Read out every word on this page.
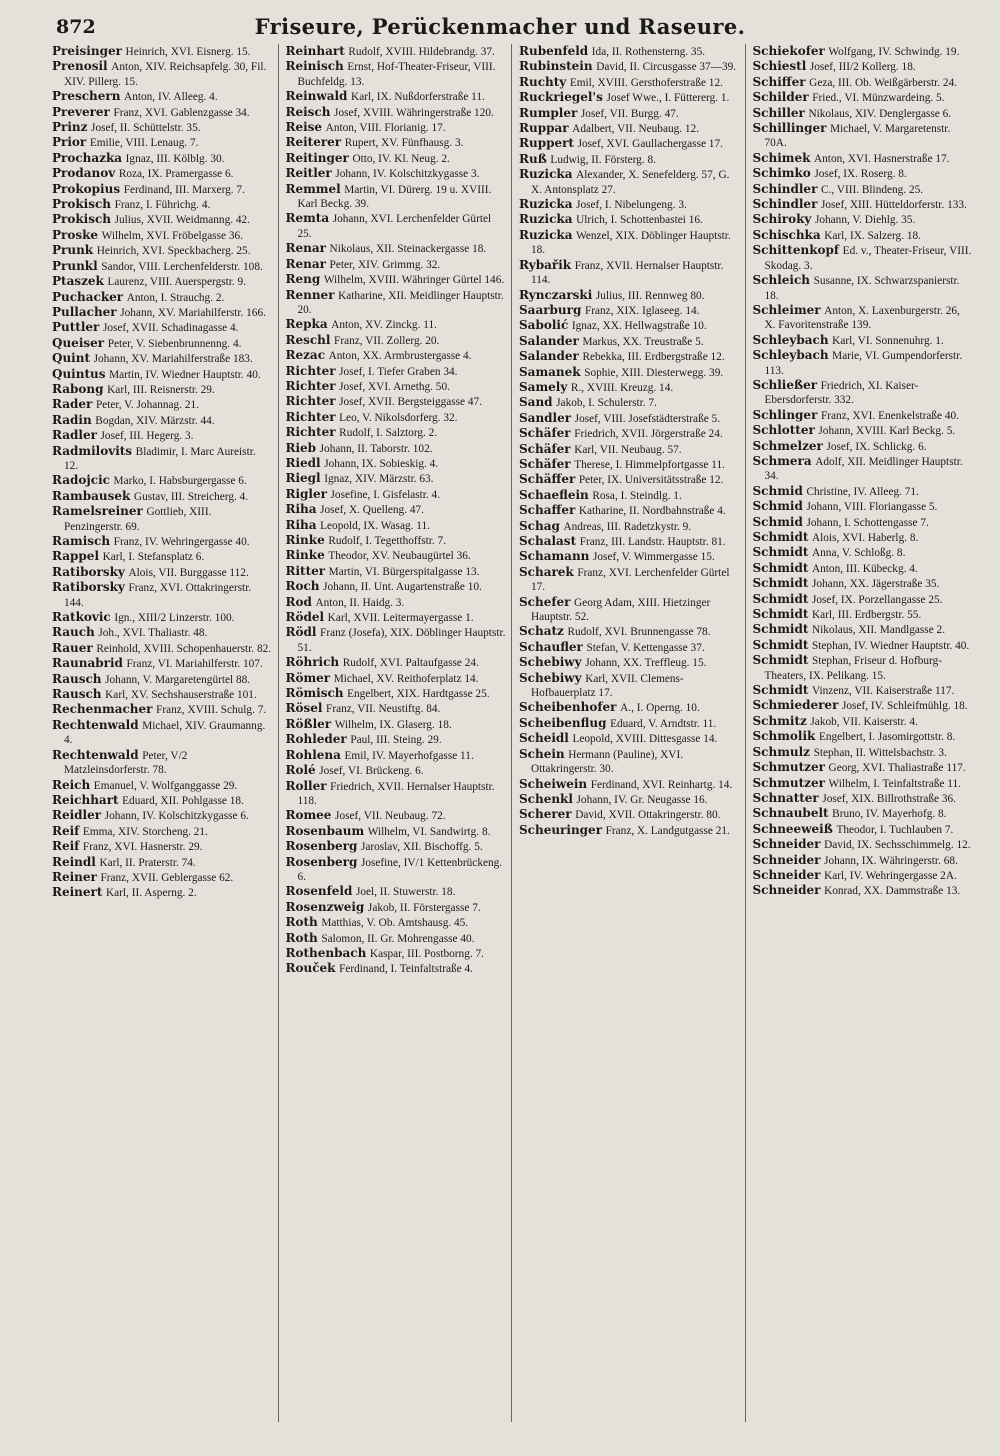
872	Friseure, Perückenmacher und Raseure.
Preisinger Heinrich, XVI. Eisnerg. 15.
Prenosil Anton, XIV. Reichsapfelg. 30, Fil. XIV. Pillerg. 15.
Preschern Anton, IV. Alleeg. 4.
Preverer Franz, XVI. Gablenzgasse 34.
Prinz Josef, II. Schüttelstr. 35.
Prior Emilie, VIII. Lenaug. 7.
Prochazka Ignaz, III. Kölblg. 30.
Prodanov Roza, IX. Pramergasse 6.
Prokopius Ferdinand, III. Marxerg. 7.
Prokisch Franz, I. Führichg. 4.
Prokisch Julius, XVII. Weidmanng. 42.
Proske Wilhelm, XVI. Fröbelgasse 36.
Prunk Heinrich, XVI. Speckbacherg. 25.
Prunkl Sandor, VIII. Lerchenfelderstr. 108.
Ptaszek Laurenz, VIII. Auerspergstr. 9.
Puchacker Anton, I. Strauchg. 2.
Pullacher Johann, XV. Mariahilferstr. 166.
Puttler Josef, XVII. Schadinagasse 4.
Queiser Peter, V. Siebenbrunnenng. 4.
Quint Johann, XV. Mariahilferstraße 183.
Quintus Martin, IV. Wiedner Hauptstr. 40.
Rabong Karl, III. Reisnerstr. 29.
Rader Peter, V. Johannag. 21.
Radin Bogdan, XIV. Märzstr. 44.
Radler Josef, III. Hegerg. 3.
Radmilovits Bladimir, I. Marc Aureistr. 12.
Radojcic Marko, I. Habsburgergasse 6.
Rambausek Gustav, III. Streicherg. 4.
Ramelsreiner Gottlieb, XIII. Penzingerstr. 69.
Ramisch Franz, IV. Wehringergasse 40.
Rappel Karl, I. Stefansplatz 6.
Ratiborsky Alois, VII. Burggasse 112.
Ratiborsky Franz, XVI. Ottakringerstr. 144.
Ratkovic Ign., XIII/2 Linzerstr. 100.
Rauch Joh., XVI. Thaliastr. 48.
Rauer Reinhold, XVIII. Schopenhauerstr. 82.
Raunabrid Franz, VI. Mariahilferstr. 107.
Rausch Johann, V. Margaretengürtel 88.
Rausch Karl, XV. Sechshauserstraße 101.
Rechenmacher Franz, XVIII. Schulg. 7.
Rechtenwald Michael, XIV. Graumanng. 4.
Rechtenwald Peter, V/2 Matzleinsdorferstr. 78.
Reich Emanuel, V. Wolfganggasse 29.
Reichhart Eduard, XII. Pohlgasse 18.
Reidler Johann, IV. Kolschitzkygasse 6.
Reif Emma, XIV. Storcheng. 21.
Reif Franz, XVI. Hasnerstr. 29.
Reindl Karl, II. Praterstr. 74.
Reiner Franz, XVII. Geblergasse 62.
Reinert Karl, II. Asperng. 2.
Reinhart Rudolf, XVIII. Hildebrandg. 37.
Reinisch Ernst, Hof-Theater-Friseur, VIII. Buchfeldg. 13.
Reinwald Karl, IX. Nußdorferstraße 11.
Reisch Josef, XVIII. Währingerstraße 120.
Reise Anton, VIII. Florianig. 17.
Reiterer Rupert, XV. Fünfhausg. 3.
Reitinger Otto, IV. Kl. Neug. 2.
Reitler Johann, IV. Kolschitzkygasse 3.
Remmel Martin, VI. Dürerg. 19 u. XVIII. Karl Beckg. 39.
Remta Johann, XVI. Lerchenfelder Gürtel 25.
Renar Nikolaus, XII. Steinackergasse 18.
Renar Peter, XIV. Grimmg. 32.
Reng Wilhelm, XVIII. Währinger Gürtel 146.
Renner Katharine, XII. Meidlinger Hauptstr. 20.
Repka Anton, XV. Zinckg. 11.
Reschl Franz, VII. Zollerg. 20.
Rezac Anton, XX. Armbrustergasse 4.
Richter Josef, I. Tiefer Graben 34.
Richter Josef, XVI. Arnethg. 50.
Richter Josef, XVII. Bergsteiggasse 47.
Richter Leo, V. Nikolsdorferg. 32.
Richter Rudolf, I. Salztorg. 2.
Rieb Johann, II. Taborstr. 102.
Riedl Johann, IX. Sobieskig. 4.
Riegl Ignaz, XIV. Märzstr. 63.
Rigler Josefine, I. Gisfelastr. 4.
Riha Josef, X. Quelleng. 47.
Riha Leopold, IX. Wasag. 11.
Rinke Rudolf, I. Tegetthoffstr. 7.
Rinke Theodor, XV. Neubaugürtel 36.
Ritter Martin, VI. Bürgerspitalgasse 13.
Roch Johann, II. Unt. Augartenstraße 10.
Rod Anton, II. Haidg. 3.
Rödel Karl, XVII. Leitermayergasse 1.
Rödl Franz (Josefa), XIX. Döblinger Hauptstr. 51.
Röhrich Rudolf, XVI. Paltaufgasse 24.
Römer Michael, XV. Reithoferplatz 14.
Römisch Engelbert, XIX. Hardtgasse 25.
Rösel Franz, VII. Neustiftg. 84.
Rößler Wilhelm, IX. Glaserg. 18.
Rohleder Paul, III. Steing. 29.
Rohlena Emil, IV. Mayerhofgasse 11.
Rolé Josef, VI. Brückeng. 6.
Roller Friedrich, XVII. Hernalser Hauptstr. 118.
Romee Josef, VII. Neubaug. 72.
Rosenbaum Wilhelm, VI. Sandwirtg. 8.
Rosenberg Jaroslav, XII. Bischoffg. 5.
Rosenberg Josefine, IV/1 Kettenbrückeng. 6.
Rosenfeld Joel, II. Stuwerstr. 18.
Rosenzweig Jakob, II. Förstergasse 7.
Roth Matthias, V. Ob. Amtshausg. 45.
Roth Salomon, II. Gr. Mohrengasse 40.
Rothenbach Kaspar, III. Postborng. 7.
Rouček Ferdinand, I. Teinfaltstraße 4.
Rubenfeld Ida, II. Rothensterng. 35.
Rubinstein David, II. Circusgasse 37—39.
Ruchty Emil, XVIII. Gersthoferstraße 12.
Ruckriegel's Josef Wwe., I. Füttererg. 1.
Rumpler Josef, VII. Burgg. 47.
Ruppar Adalbert, VII. Neubaug. 12.
Ruppert Josef, XVI. Gaullachergasse 17.
Ruß Ludwig, II. Försterg. 8.
Ruzicka Alexander, X. Senefelderg. 57, G. X. Antonsplatz 27.
Ruzicka Josef, I. Nibelungeng. 3.
Ruzicka Ulrich, I. Schottenbastei 16.
Ruzicka Wenzel, XIX. Döblinger Hauptstr. 18.
Rybařik Franz, XVII. Hernalser Hauptstr. 114.
Rynczarski Julius, III. Rennweg 80.
Saarburg Franz, XIX. Iglaseeg. 14.
Sabolić Ignaz, XX. Hellwagstraße 10.
Salander Markus, XX. Treustraße 5.
Salander Rebekka, III. Erdbergstraße 12.
Samanek Sophie, XIII. Diesterwegg. 39.
Samely R., XVIII. Kreuzg. 14.
Sand Jakob, I. Schulerstr. 7.
Sandler Josef, VIII. Josefstädterstraße 5.
Schäfer Friedrich, XVII. Jörgerstraße 24.
Schäfer Karl, VII. Neubaug. 57.
Schäfer Therese, I. Himmelpfortgasse 11.
Schäffer Peter, IX. Universitätsstraße 12.
Schaeflein Rosa, I. Steindlg. 1.
Schaffer Katharine, II. Nordbahnstraße 4.
Schag Andreas, III. Radetzkystr. 9.
Schalast Franz, III. Landstr. Hauptstr. 81.
Schamann Josef, V. Wimmergasse 15.
Scharek Franz, XVI. Lerchenfelder Gürtel 17.
Schefer Georg Adam, XIII. Hietzinger Hauptstr. 52.
Schatz Rudolf, XVI. Brunnengasse 78.
Schaufler Stefan, V. Kettengasse 37.
Schebiwy Johann, XX. Treffleug. 15.
Schebiwy Karl, XVII. Clemens-Hofbauerplatz 17.
Scheibenhofer A., I. Operng. 10.
Scheibenflug Eduard, V. Arndtstr. 11.
Scheidl Leopold, XVIII. Dittesgasse 14.
Schein Hermann (Pauline), XVI. Ottakringerstr. 30.
Scheiwein Ferdinand, XVI. Reinhartg. 14.
Schenkl Johann, IV. Gr. Neugasse 16.
Scherer David, XVII. Ottakringerstr. 80.
Scheuringer Franz, X. Landgutgasse 21.
Schiekofer Wolfgang, IV. Schwindg. 19.
Schiestl Josef, III/2 Kollerg. 18.
Schiffer Geza, III. Ob. Weißgärberstr. 24.
Schilder Fried., VI. Münzwardeing. 5.
Schiller Nikolaus, XIV. Denglergasse 6.
Schillinger Michael, V. Margaretenstr. 70A.
Schimek Anton, XVI. Hasnerstraße 17.
Schimko Josef, IX. Roserg. 8.
Schindler C., VIII. Blindeng. 25.
Schindler Josef, XIII. Hütteldorferstr. 133.
Schiroky Johann, V. Diehlg. 35.
Schischka Karl, IX. Salzerg. 18.
Schittenkopf Ed. v., Theater-Friseur, VIII. Skodag. 3.
Schleich Susanne, IX. Schwarzspanierstr. 18.
Schleimer Anton, X. Laxenburgerstr. 26, X. Favoritenstraße 139.
Schleybach Karl, VI. Sonnenuhrg. 1.
Schleybach Marie, VI. Gumpendorferstr. 113.
Schließer Friedrich, XI. Kaiser-Ebersdorferstr. 332.
Schlinger Franz, XVI. Enenkelstraße 40.
Schlotter Johann, XVIII. Karl Beckg. 5.
Schmelzer Josef, IX. Schlickg. 6.
Schmera Adolf, XII. Meidlinger Hauptstr. 34.
Schmid Christine, IV. Alleeg. 71.
Schmid Johann, VIII. Floriangasse 5.
Schmid Johann, I. Schottengasse 7.
Schmidt Alois, XVI. Haberlg. 8.
Schmidt Anna, V. Schloßg. 8.
Schmidt Anton, III. Kübeckg. 4.
Schmidt Johann, XX. Jägerstraße 35.
Schmidt Josef, IX. Porzellangasse 25.
Schmidt Karl, III. Erdbergstr. 55.
Schmidt Nikolaus, XII. Mandlgasse 2.
Schmidt Stephan, IV. Wiedner Hauptstr. 40.
Schmidt Stephan, Friseur d. Hofburg-Theaters, IX. Pelikang. 15.
Schmidt Vinzenz, VII. Kaiserstraße 117.
Schmiederer Josef, IV. Schleifmühlg. 18.
Schmitz Jakob, VII. Kaiserstr. 4.
Schmolik Engelbert, I. Jasomirgottstr. 8.
Schmulz Stephan, II. Wittelsbachstr. 3.
Schmutzer Georg, XVI. Thaliastraße 117.
Schmutzer Wilhelm, I. Teinfaltstraße 11.
Schnatter Josef, XIX. Billrothstraße 36.
Schnaubelt Bruno, IV. Mayerhofg. 8.
Schneeweiß Theodor, I. Tuchlauben 7.
Schneider David, IX. Sechsschimmelg. 12.
Schneider Johann, IX. Währingerstr. 68.
Schneider Karl, IV. Wehringergasse 2A.
Schneider Konrad, XX. Dammstraße 13.
